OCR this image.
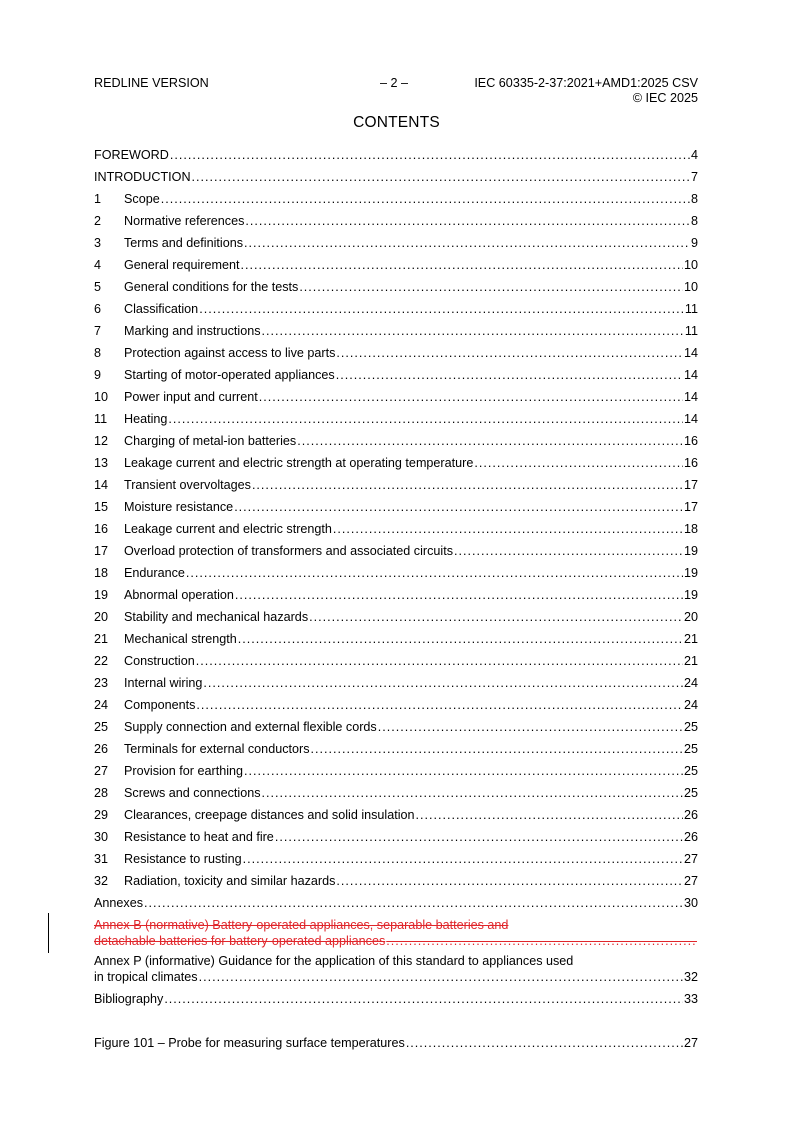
REDLINE VERSION	– 2 –	IEC 60335-2-37:2021+AMD1:2025 CSV
© IEC 2025
CONTENTS
FOREWORD .....	4
INTRODUCTION .....	7
1	Scope .....	8
2	Normative references .....	8
3	Terms and definitions .....	9
4	General requirement .....	10
5	General conditions for the tests .....	10
6	Classification .....	11
7	Marking and instructions .....	11
8	Protection against access to live parts .....	14
9	Starting of motor-operated appliances .....	14
10	Power input and current .....	14
11	Heating .....	14
12	Charging of metal-ion batteries .....	16
13	Leakage current and electric strength at operating temperature .....	16
14	Transient overvoltages .....	17
15	Moisture resistance .....	17
16	Leakage current and electric strength .....	18
17	Overload protection of transformers and associated circuits .....	19
18	Endurance .....	19
19	Abnormal operation .....	19
20	Stability and mechanical hazards .....	20
21	Mechanical strength .....	21
22	Construction .....	21
23	Internal wiring .....	24
24	Components .....	24
25	Supply connection and external flexible cords .....	25
26	Terminals for external conductors .....	25
27	Provision for earthing .....	25
28	Screws and connections .....	25
29	Clearances, creepage distances and solid insulation .....	26
30	Resistance to heat and fire .....	26
31	Resistance to rusting .....	27
32	Radiation, toxicity and similar hazards .....	27
Annexes .....	30
Annex B (normative) Battery-operated appliances, separable batteries and
detachable batteries for battery-operated appliances
.....
Annex P (informative) Guidance for the application of this standard to appliances used
in tropical climates .....	32
Bibliography .....	33
Figure 101 – Probe for measuring surface temperatures .....	27
